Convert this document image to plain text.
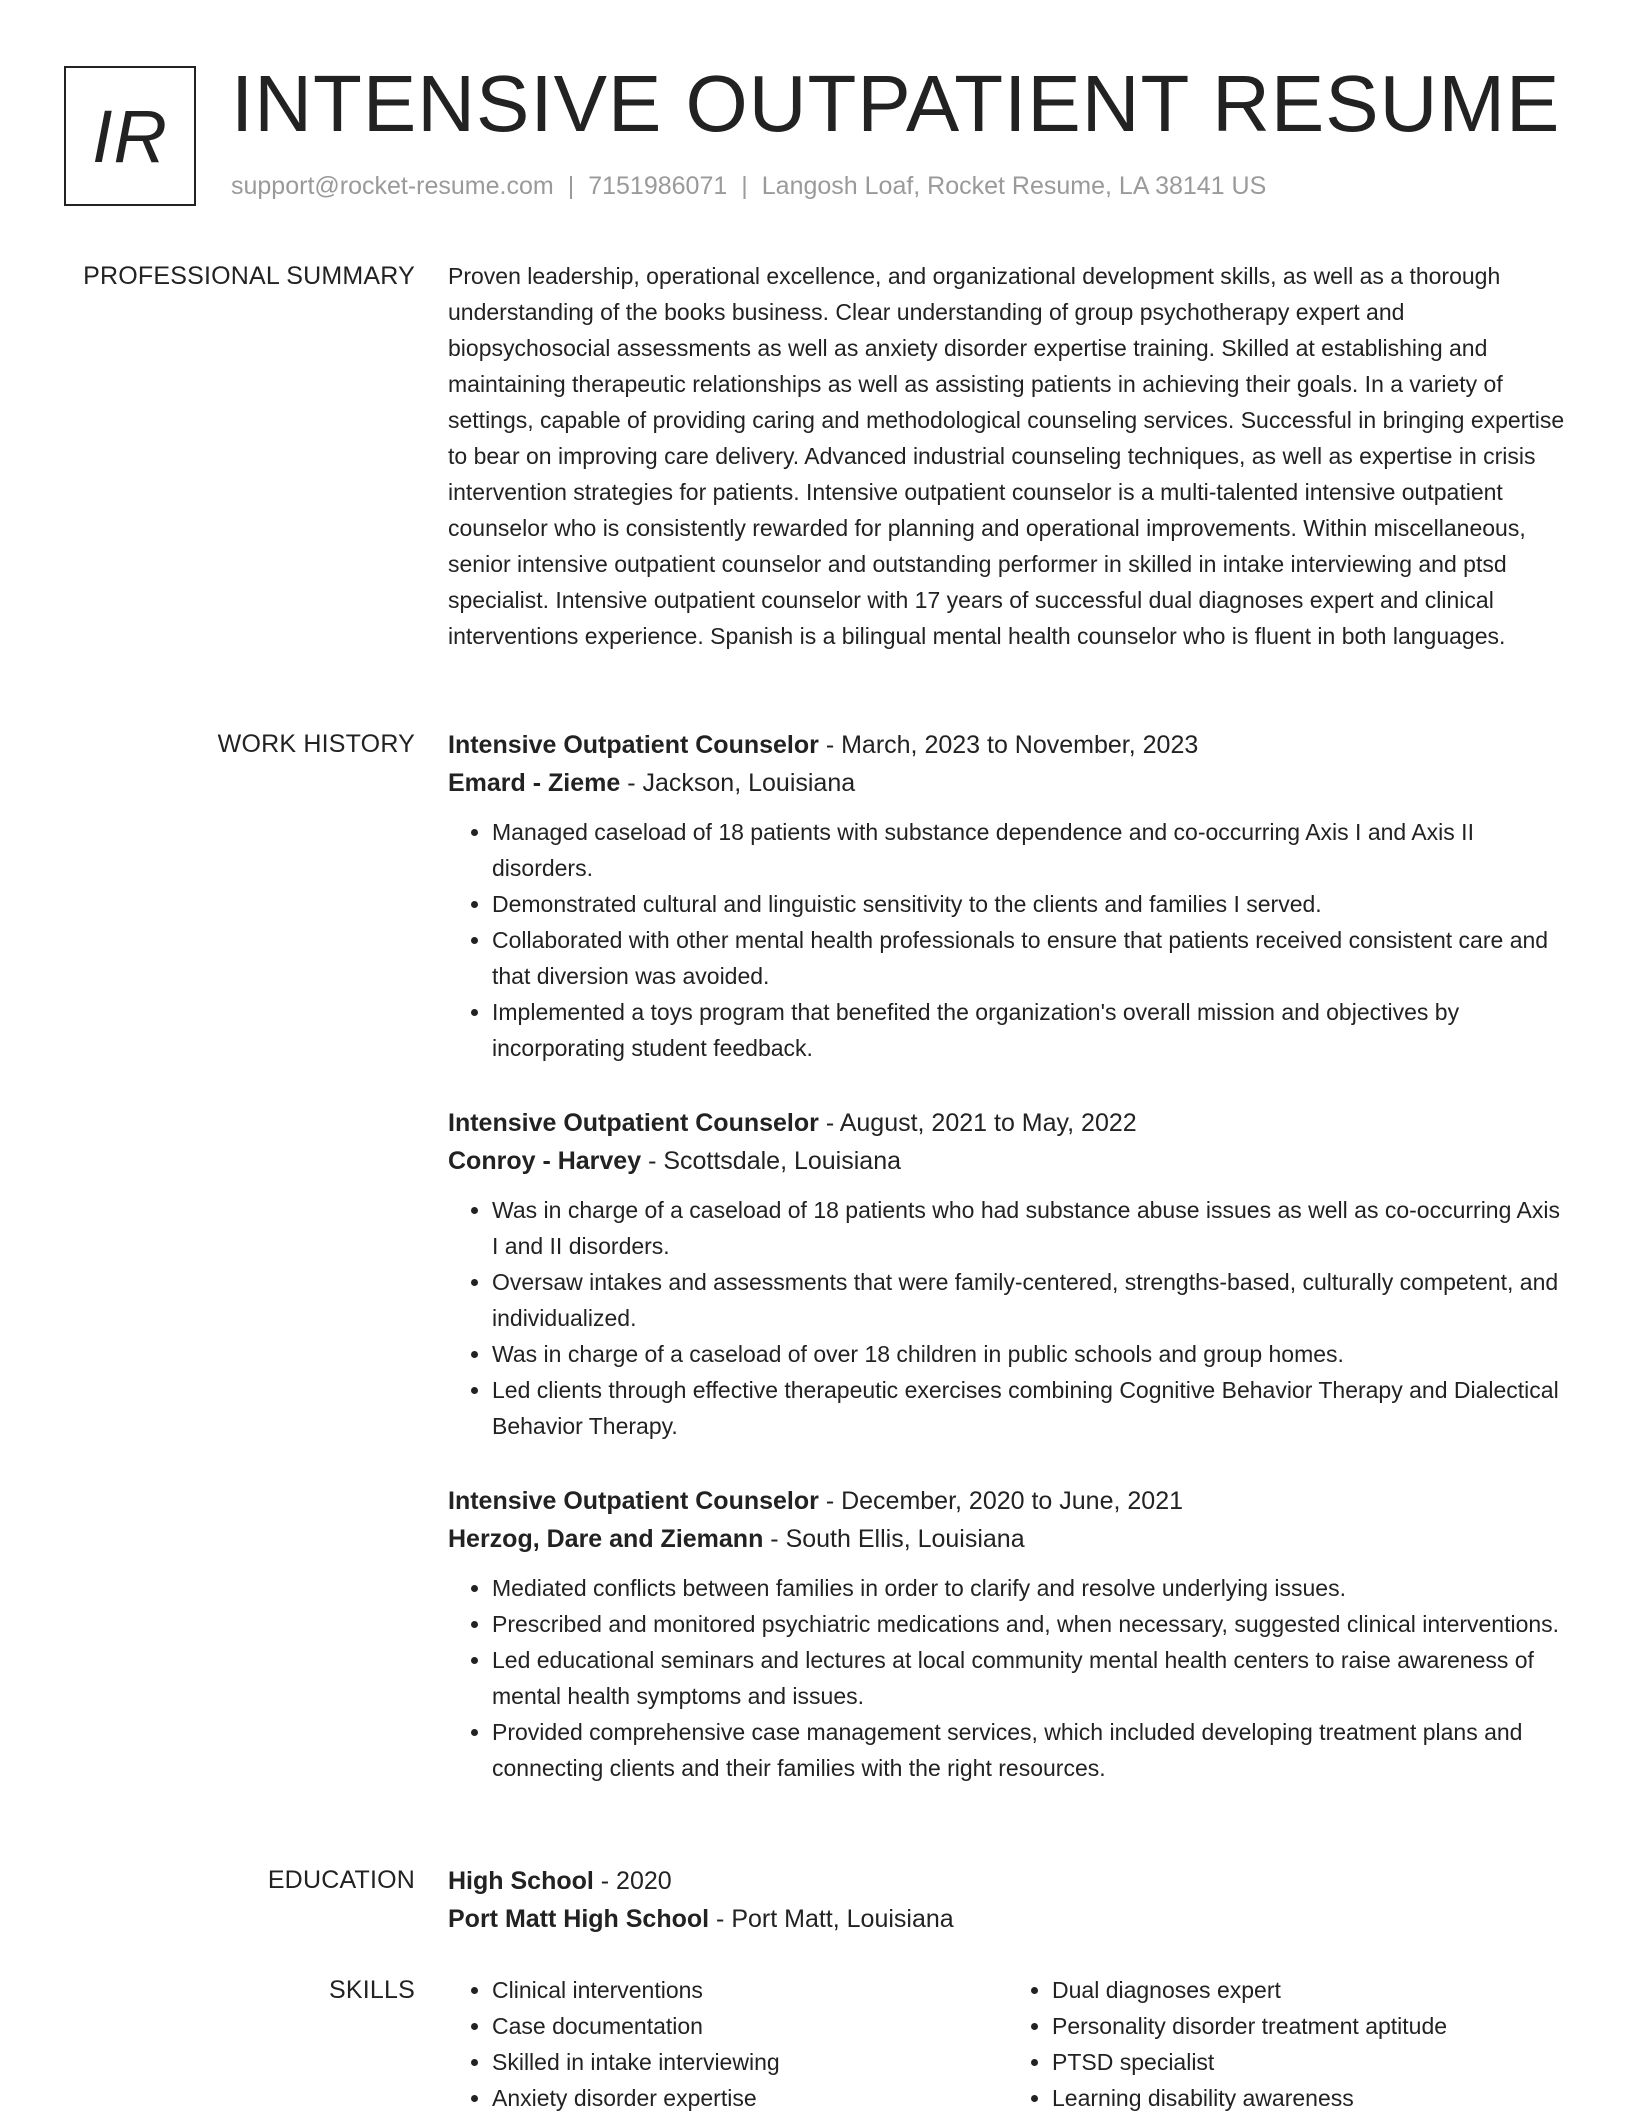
IR INTENSIVE OUTPATIENT RESUME
support@rocket-resume.com | 7151986071 | Langosh Loaf, Rocket Resume, LA 38141 US
PROFESSIONAL SUMMARY Proven leadership, operational excellence, and organizational development skills, as well as a thorough understanding of the books business. Clear understanding of group psychotherapy expert and biopsychosocial assessments as well as anxiety disorder expertise training. Skilled at establishing and maintaining therapeutic relationships as well as assisting patients in achieving their goals. In a variety of settings, capable of providing caring and methodological counseling services. Successful in bringing expertise to bear on improving care delivery. Advanced industrial counseling techniques, as well as expertise in crisis intervention strategies for patients. Intensive outpatient counselor is a multi-talented intensive outpatient counselor who is consistently rewarded for planning and operational improvements. Within miscellaneous, senior intensive outpatient counselor and outstanding performer in skilled in intake interviewing and ptsd specialist. Intensive outpatient counselor with 17 years of successful dual diagnoses expert and clinical interventions experience. Spanish is a bilingual mental health counselor who is fluent in both languages.

WORK HISTORY Intensive Outpatient Counselor - March, 2023 to November, 2023
Emard - Zieme - Jackson, Louisiana
• Managed caseload of 18 patients with substance dependence and co-occurring Axis I and Axis II disorders.
• Demonstrated cultural and linguistic sensitivity to the clients and families I served.
• Collaborated with other mental health professionals to ensure that patients received consistent care and that diversion was avoided.
• Implemented a toys program that benefited the organization's overall mission and objectives by incorporating student feedback.
Intensive Outpatient Counselor - August, 2021 to May, 2022
Conroy - Harvey - Scottsdale, Louisiana
• Was in charge of a caseload of 18 patients who had substance abuse issues as well as co-occurring Axis I and II disorders.
• Oversaw intakes and assessments that were family-centered, strengths-based, culturally competent, and individualized.
• Was in charge of a caseload of over 18 children in public schools and group homes.
• Led clients through effective therapeutic exercises combining Cognitive Behavior Therapy and Dialectical Behavior Therapy.
Intensive Outpatient Counselor - December, 2020 to June, 2021
Herzog, Dare and Ziemann - South Ellis, Louisiana
• Mediated conflicts between families in order to clarify and resolve underlying issues.
• Prescribed and monitored psychiatric medications and, when necessary, suggested clinical interventions.
• Led educational seminars and lectures at local community mental health centers to raise awareness of mental health symptoms and issues.
• Provided comprehensive case management services, which included developing treatment plans and connecting clients and their families with the right resources.
EDUCATION High School - 2020
Port Matt High School - Port Matt, Louisiana
SKILLS
•	Clinical interventions
• Case documentation
• Skilled in intake interviewing
• Anxiety disorder expertise
• Dual diagnoses expert
• Personality disorder treatment aptitude
• PTSD specialist
• Learning disability awareness
